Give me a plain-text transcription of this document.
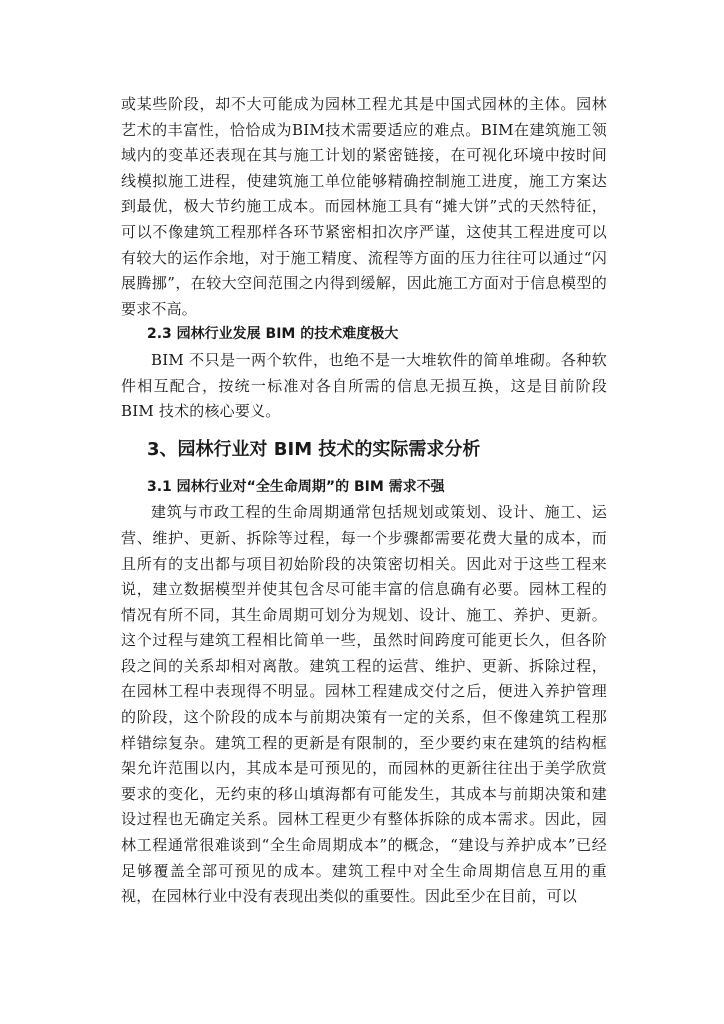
或某些阶段，却不大可能成为园林工程尤其是中国式园林的主体。园林艺术的丰富性，恰恰成为BIM技术需要适应的难点。BIM在建筑施工领域内的变革还表现在其与施工计划的紧密链接，在可视化环境中按时间线模拟施工进程，使建筑施工单位能够精确控制施工进度，施工方案达到最优，极大节约施工成本。而园林施工具有“摊大饼”式的天然特征，可以不像建筑工程那样各环节紧密相扣次序严谨，这使其工程进度可以有较大的运作余地，对于施工精度、流程等方面的压力往往可以通过“闪展腾挪”，在较大空间范围之内得到缓解，因此施工方面对于信息模型的要求不高。

2.3 园林行业发展 BIM 的技术难度极大

BIM 不只是一两个软件，也绝不是一大堆软件的简单堆砌。各种软件相互配合，按统一标准对各自所需的信息无损互换，这是目前阶段 BIM 技术的核心要义。

3、园林行业对 BIM 技术的实际需求分析

3.1 园林行业对“全生命周期”的 BIM 需求不强

建筑与市政工程的生命周期通常包括规划或策划、设计、施工、运营、维护、更新、拆除等过程，每一个步骤都需要花费大量的成本，而且所有的支出都与项目初始阶段的决策密切相关。因此对于这些工程来说，建立数据模型并使其包含尽可能丰富的信息确有必要。园林工程的情况有所不同，其生命周期可划分为规划、设计、施工、养护、更新。这个过程与建筑工程相比简单一些，虽然时间跨度可能更长久，但各阶段之间的关系却相对离散。建筑工程的运营、维护、更新、拆除过程，在园林工程中表现得不明显。园林工程建成交付之后，便进入养护管理的阶段，这个阶段的成本与前期决策有一定的关系，但不像建筑工程那样错综复杂。建筑工程的更新是有限制的，至少要约束在建筑的结构框架允许范围以内，其成本是可预见的，而园林的更新往往出于美学欣赏要求的变化，无约束的移山填海都有可能发生，其成本与前期决策和建设过程也无确定关系。园林工程更少有整体拆除的成本需求。因此，园林工程通常很难谈到“全生命周期成本”的概念，“建设与养护成本”已经足够覆盖全部可预见的成本。建筑工程中对全生命周期信息互用的重视，在园林行业中没有表现出类似的重要性。因此至少在目前，可以
